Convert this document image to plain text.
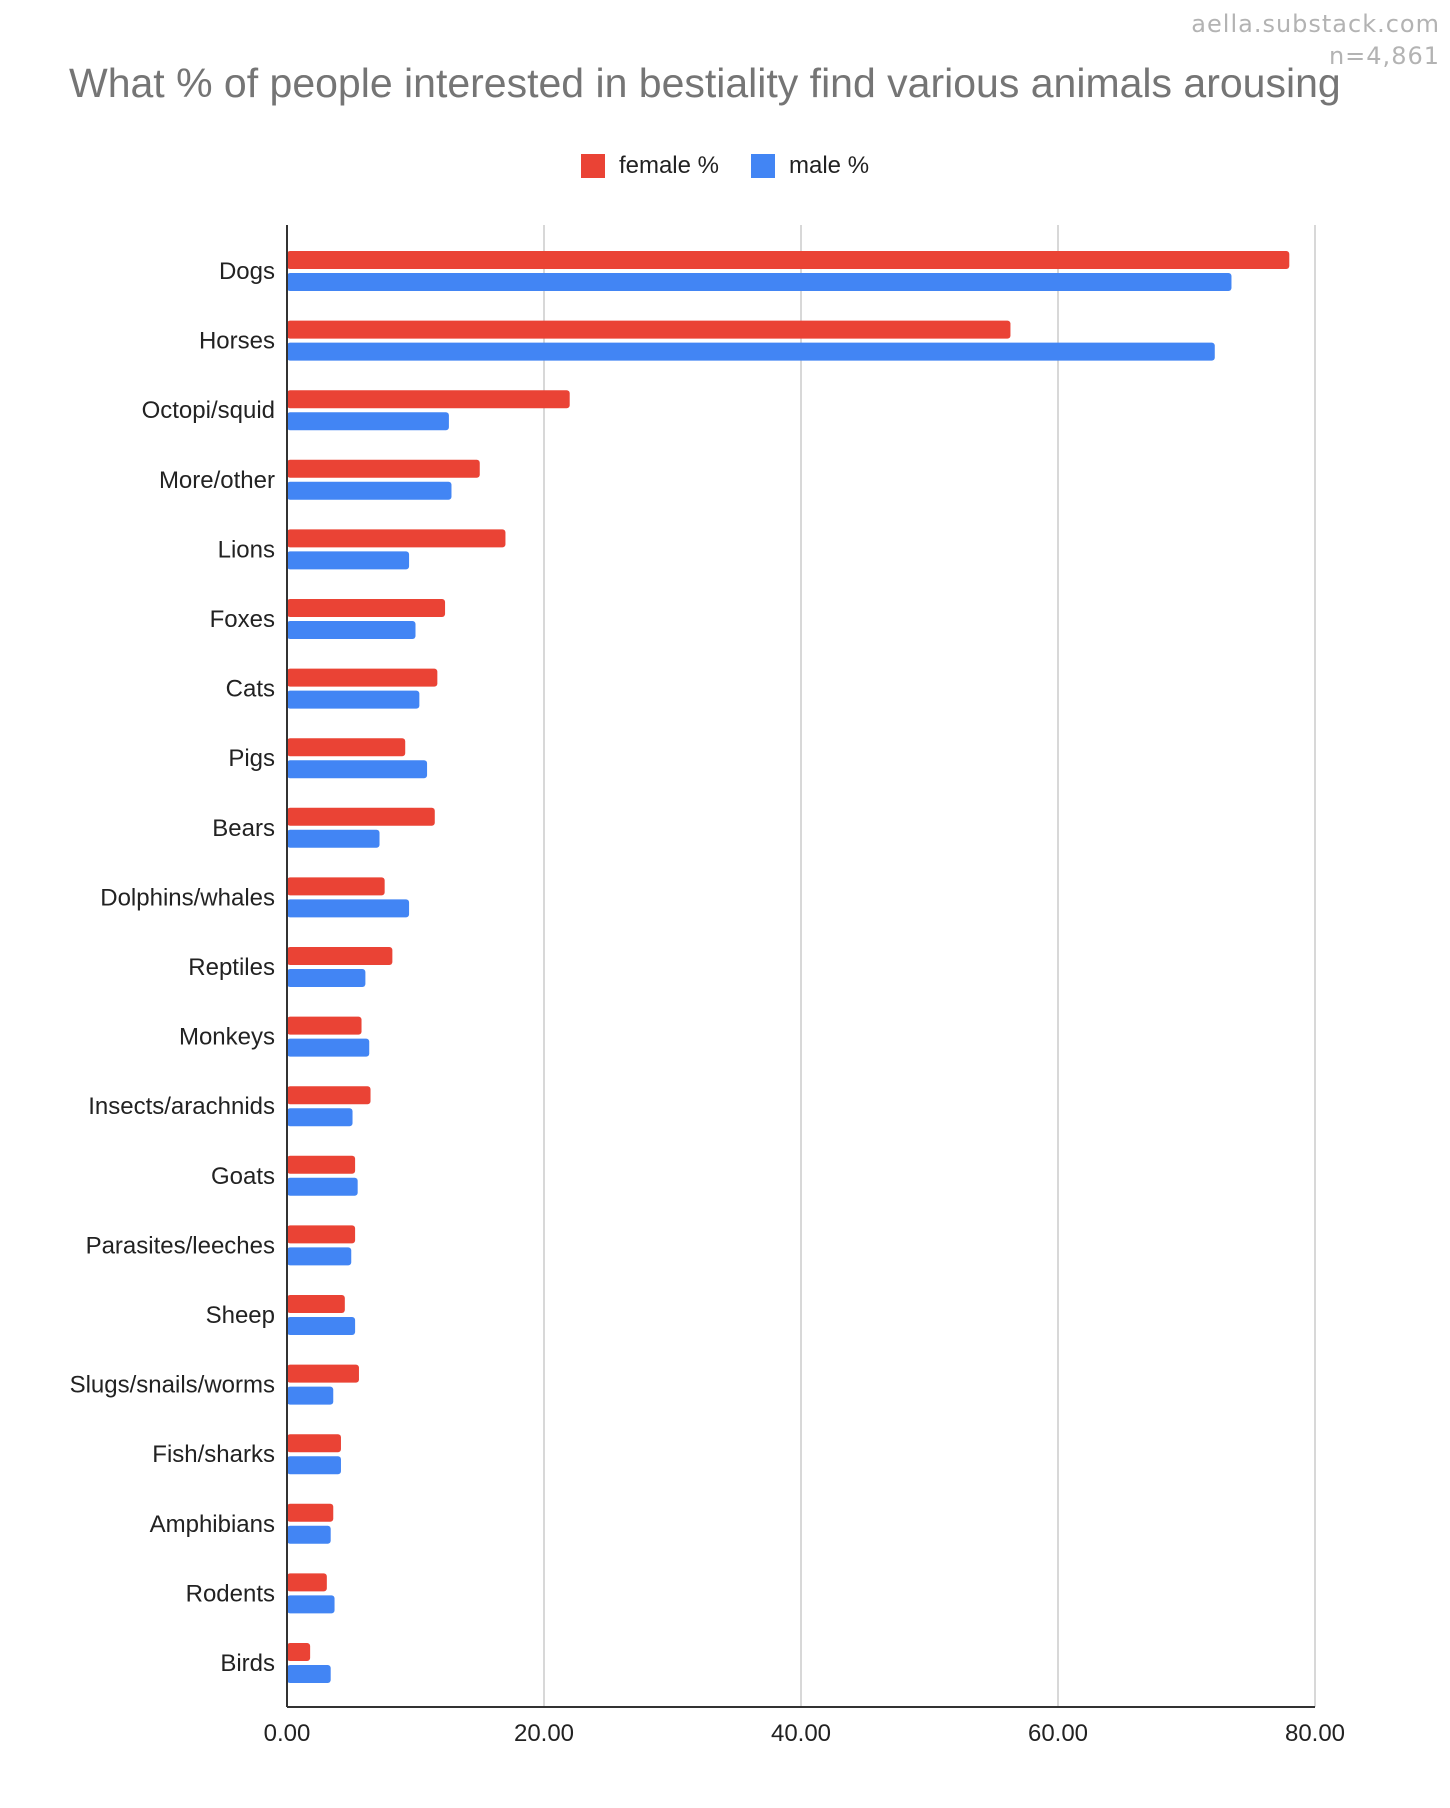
aella.substack.com
n=4,861
What % of people interested in bestiality find various animals arousing
female %	male %
Dogs
Horses
Octopi/squid
More/other
Lions
Foxes
Cats
Pigs
Bears
Dolphins/whales
Reptiles
Monkeys
Insects/arachnids
Goats
Parasites/leeches
Sheep
Slugs/snails/worms
Fish/sharks
Amphibians
Rodents
Birds
0.00	20.00	40.00	60.00	80.00
